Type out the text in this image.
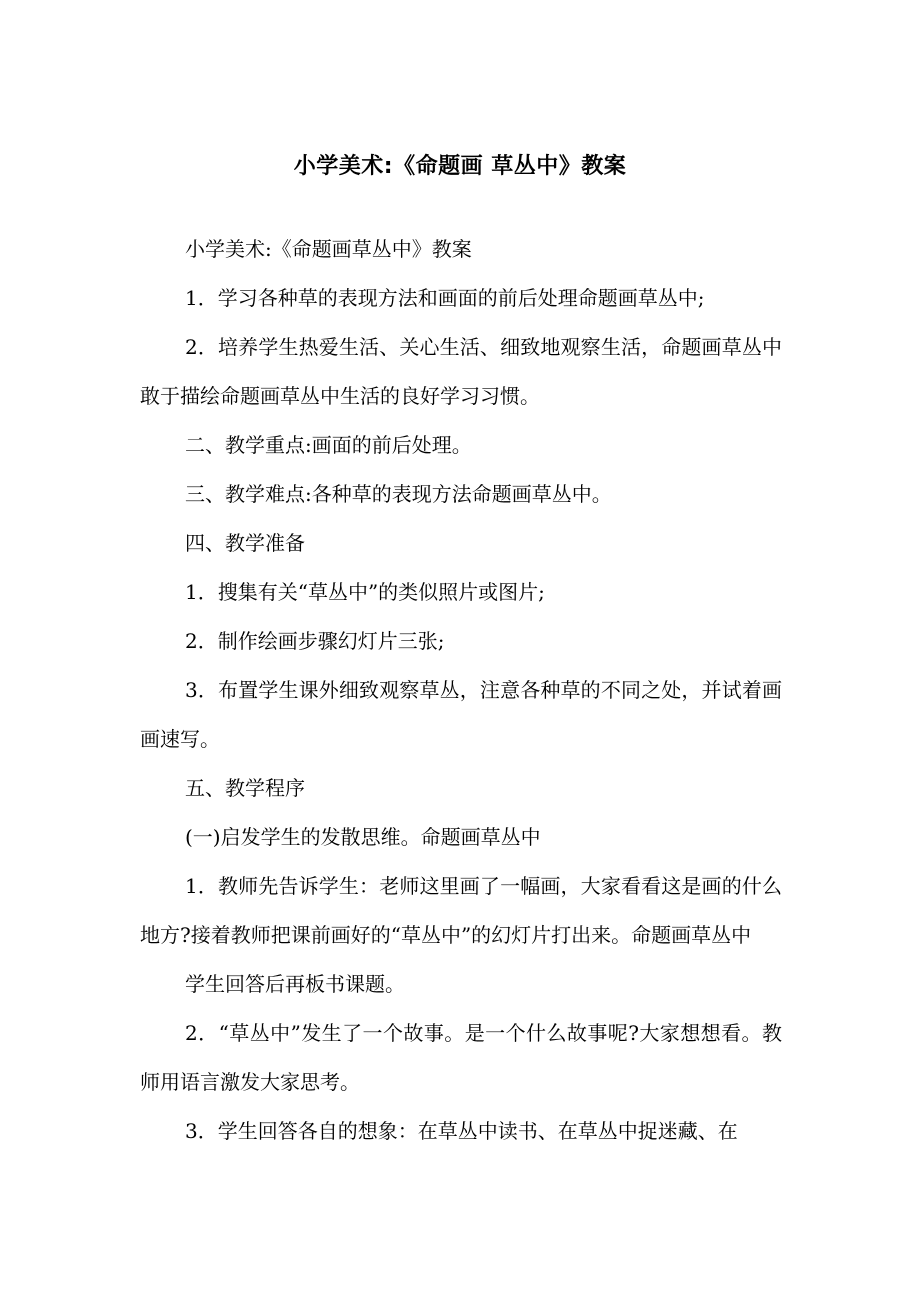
小学美术:《命题画 草丛中》教案

小学美术:《命题画草丛中》教案

1．学习各种草的表现方法和画面的前后处理命题画草丛中;

2．培养学生热爱生活、关心生活、细致地观察生活，命题画草丛中敢于描绘命题画草丛中生活的良好学习习惯。

二、教学重点:画面的前后处理。

三、教学难点:各种草的表现方法命题画草丛中。

四、教学准备

1．搜集有关“草丛中”的类似照片或图片;

2．制作绘画步骤幻灯片三张;

3．布置学生课外细致观察草丛，注意各种草的不同之处，并试着画画速写。

五、教学程序

(一)启发学生的发散思维。命题画草丛中

1．教师先告诉学生：老师这里画了一幅画，大家看看这是画的什么地方?接着教师把课前画好的“草丛中”的幻灯片打出来。命题画草丛中

学生回答后再板书课题。

2．“草丛中”发生了一个故事。是一个什么故事呢?大家想想看。教师用语言激发大家思考。

3．学生回答各自的想象：在草丛中读书、在草丛中捉迷藏、在
